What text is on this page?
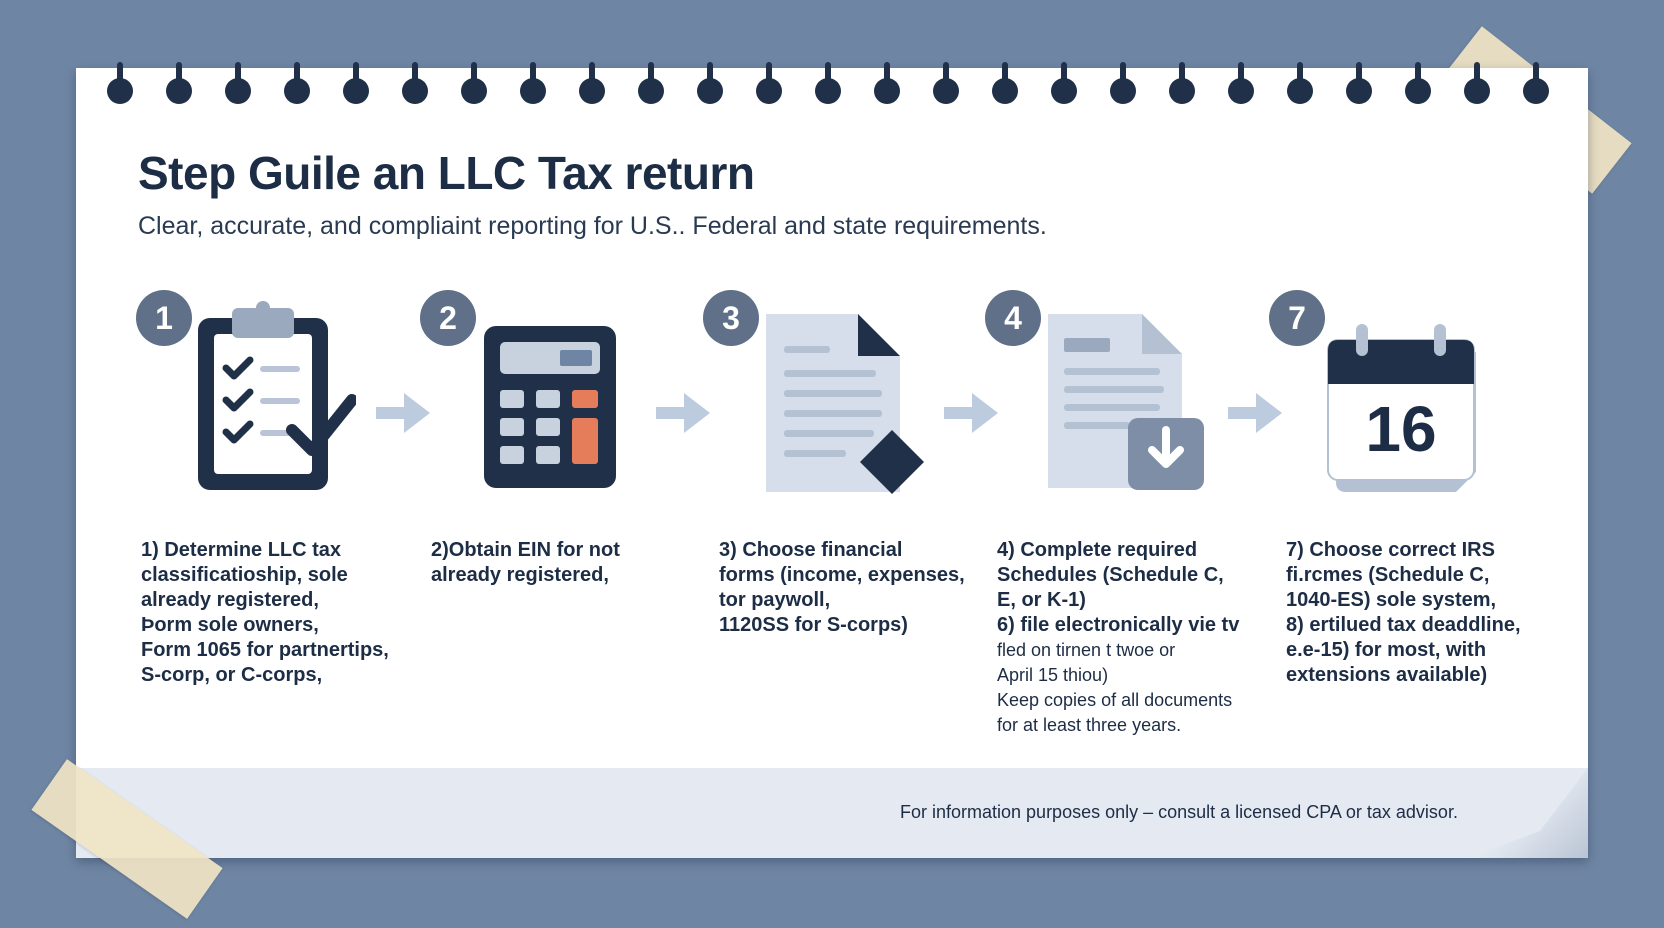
Step Guile an LLC Tax return

Clear, accurate, and compliaint reporting for U.S.. Federal and state requirements.

1	2	3	4	7
16
1) Determine LLC tax
classificatioship, sole
already registered,
Þorm sole owners,
Form 1065 for partnertips,
S-corp, or C-corps,
2)Obtain EIN for not
already registered,
3) Choose financial
forms (income, expenses,
tor paywoll,
1120SS for S-corps)
4) Complete required
Schedules (Schedule C,
E, or K-1)
6) file electronically vie tv
fled on tirnen t twoe or
April 15 thiou)
Keep copies of all documents
for at least three years.
7) Choose correct IRS
fi.rcmes (Schedule C,
1040-ES) sole system,
8) ertilued tax deaddline,
e.e-15) for most, with
extensions available)
For information purposes only – consult a licensed CPA or tax advisor.
